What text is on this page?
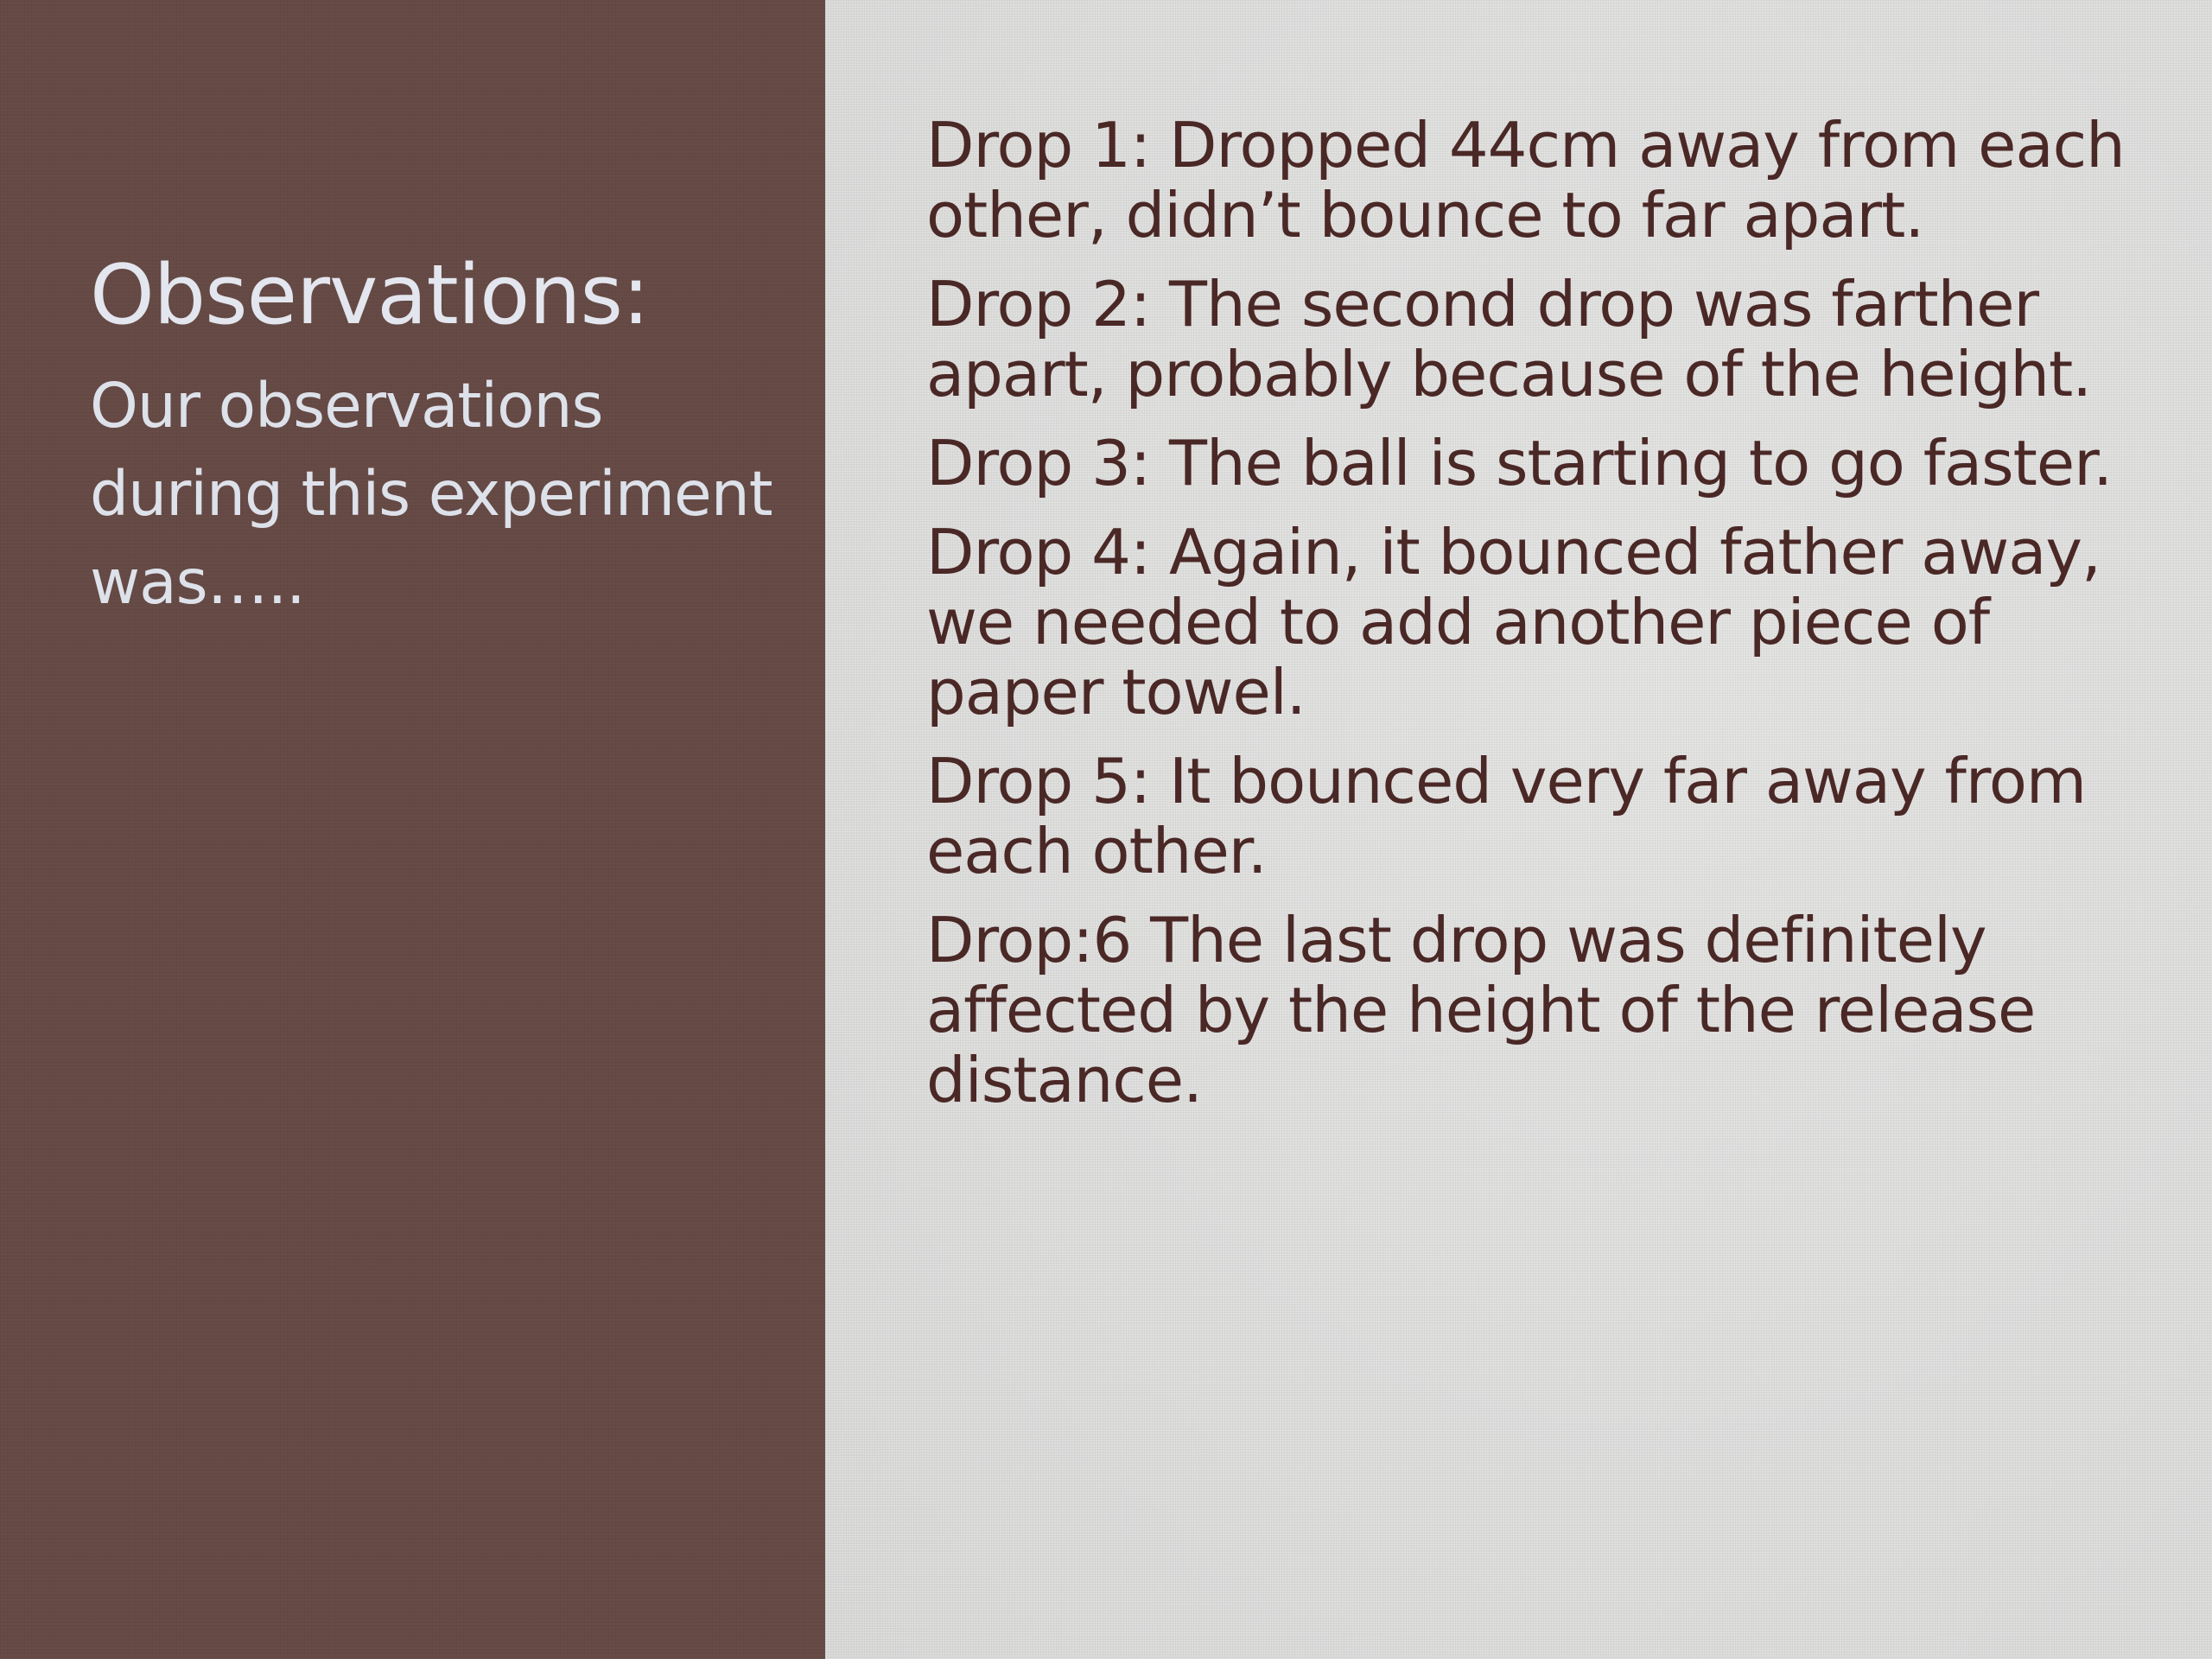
Observations:

Our observations during this experiment was…..

Drop 1: Dropped 44cm away from each other, didn’t bounce to far apart.
Drop 2: The second drop was farther apart, probably because of the height.
Drop 3: The ball is starting to go faster.
Drop 4: Again, it bounced father away, we needed to add another piece of paper towel.
Drop 5: It bounced very far away from each other.
Drop:6 The last drop was definitely affected by the height of the release distance.
